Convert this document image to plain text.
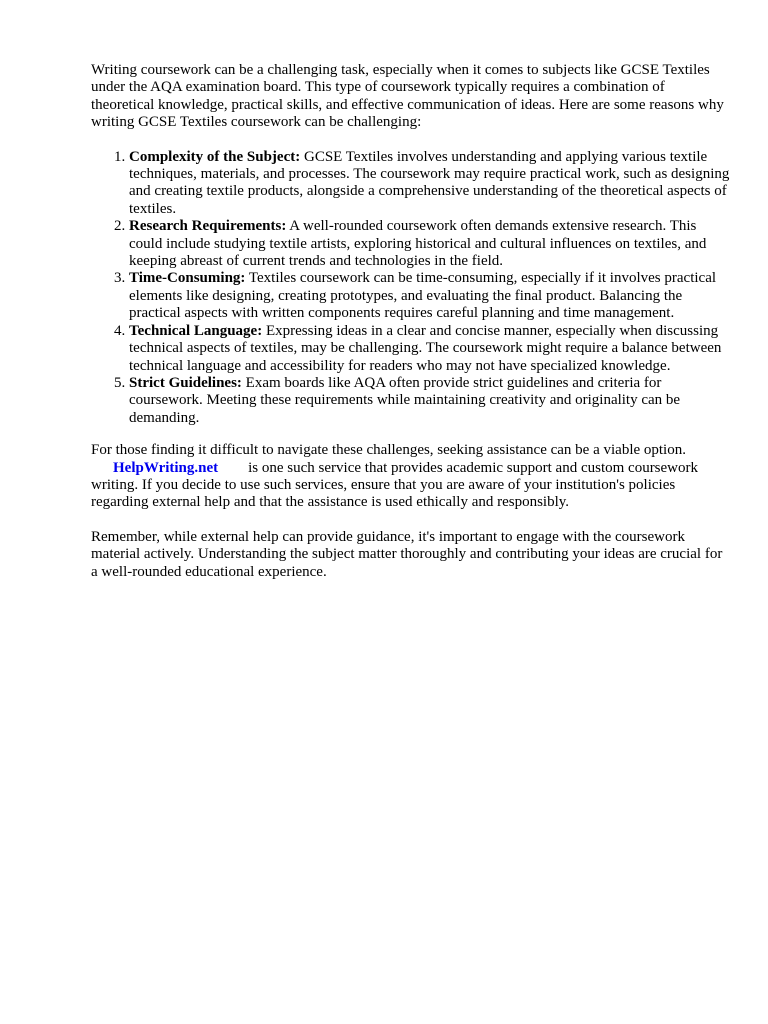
Writing coursework can be a challenging task, especially when it comes to subjects like GCSE Textiles under the AQA examination board. This type of coursework typically requires a combination of theoretical knowledge, practical skills, and effective communication of ideas. Here are some reasons why writing GCSE Textiles coursework can be challenging:

1. Complexity of the Subject: GCSE Textiles involves understanding and applying various textile techniques, materials, and processes. The coursework may require practical work, such as designing and creating textile products, alongside a comprehensive understanding of the theoretical aspects of textiles.
2. Research Requirements: A well-rounded coursework often demands extensive research. This could include studying textile artists, exploring historical and cultural influences on textiles, and keeping abreast of current trends and technologies in the field.
3. Time-Consuming: Textiles coursework can be time-consuming, especially if it involves practical elements like designing, creating prototypes, and evaluating the final product. Balancing the practical aspects with written components requires careful planning and time management.
4. Technical Language: Expressing ideas in a clear and concise manner, especially when discussing technical aspects of textiles, may be challenging. The coursework might require a balance between technical language and accessibility for readers who may not have specialized knowledge.
5. Strict Guidelines: Exam boards like AQA often provide strict guidelines and criteria for coursework. Meeting these requirements while maintaining creativity and originality can be demanding.

For those finding it difficult to navigate these challenges, seeking assistance can be a viable option.
HelpWriting.net is one such service that provides academic support and custom coursework writing. If you decide to use such services, ensure that you are aware of your institution's policies regarding external help and that the assistance is used ethically and responsibly.

Remember, while external help can provide guidance, it's important to engage with the coursework material actively. Understanding the subject matter thoroughly and contributing your ideas are crucial for a well-rounded educational experience.
